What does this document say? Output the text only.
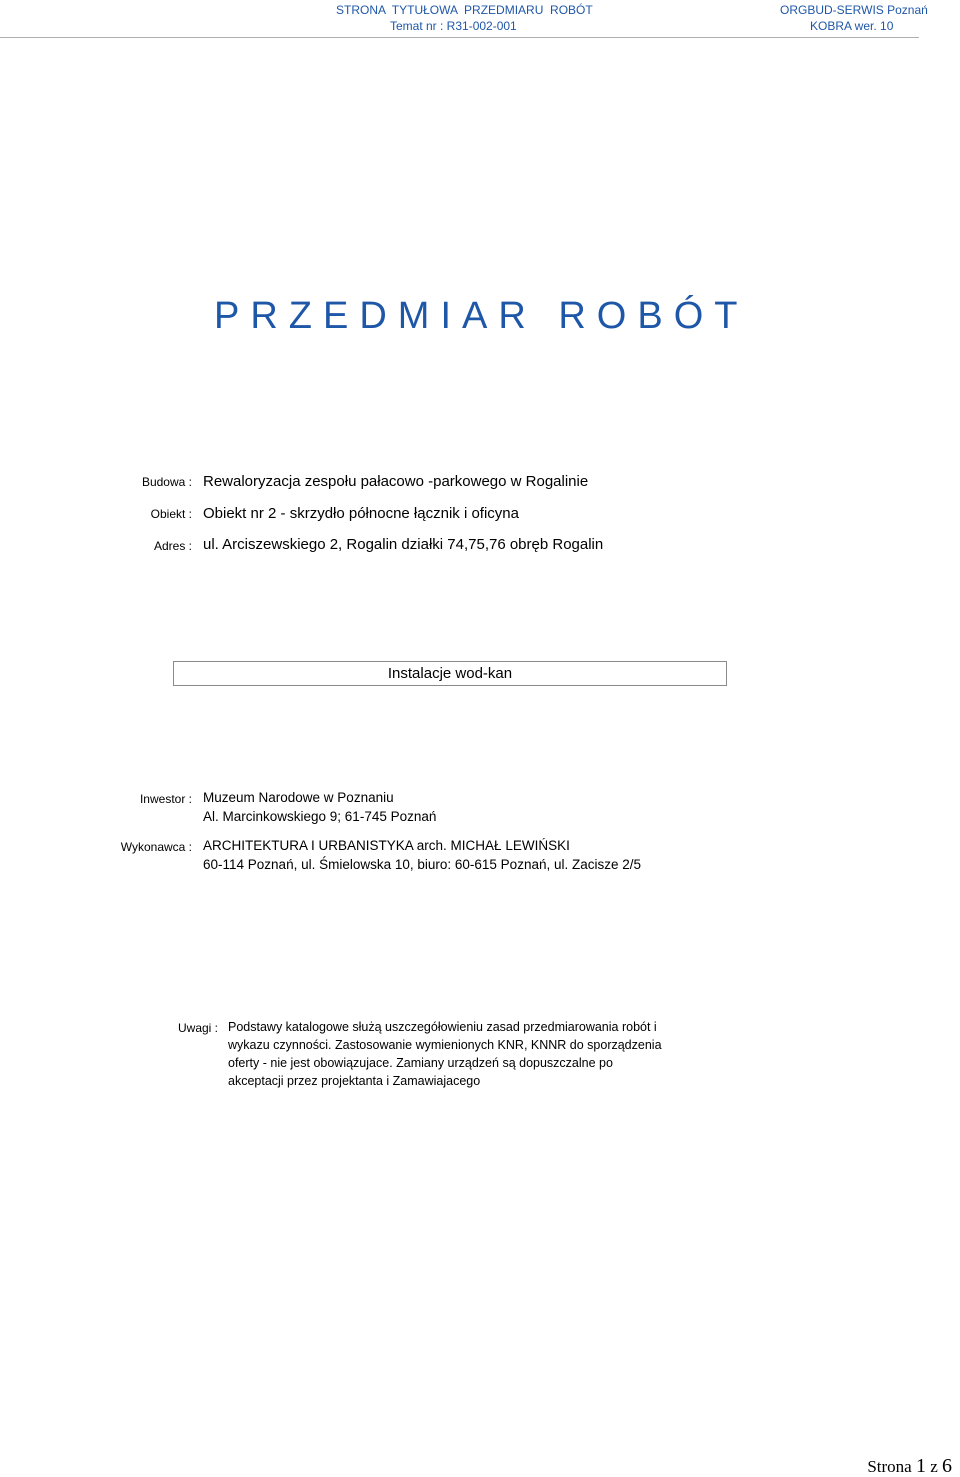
STRONA  TYTUŁOWA  PRZEDMIARU  ROBÓT
Temat nr : R31-002-001
ORGBUD-SERWIS Poznań
KOBRA wer. 10
PRZEDMIAR ROBÓT
Budowa : Rewaloryzacja zespołu pałacowo -parkowego w Rogalinie
Obiekt : Obiekt nr 2 - skrzydło północne łącznik i oficyna
Adres : ul. Arciszewskiego 2, Rogalin działki 74,75,76 obręb Rogalin
Instalacje wod-kan
Inwestor : Muzeum Narodowe w Poznaniu
Al. Marcinkowskiego 9; 61-745 Poznań
Wykonawca : ARCHITEKTURA I URBANISTYKA arch. MICHAŁ LEWIŃSKI
60-114 Poznań, ul. Śmielowska 10, biuro: 60-615 Poznań, ul. Zacisze 2/5
Uwagi : Podstawy katalogowe służą uszczegółowieniu zasad przedmiarowania robót i wykazu czynności. Zastosowanie wymienionych KNR, KNNR do sporządzenia oferty - nie jest obowiązujace. Zamiany urządzeń są dopuszczalne po akceptacji przez projektanta i Zamawiajacego
Strona 1 z 6
